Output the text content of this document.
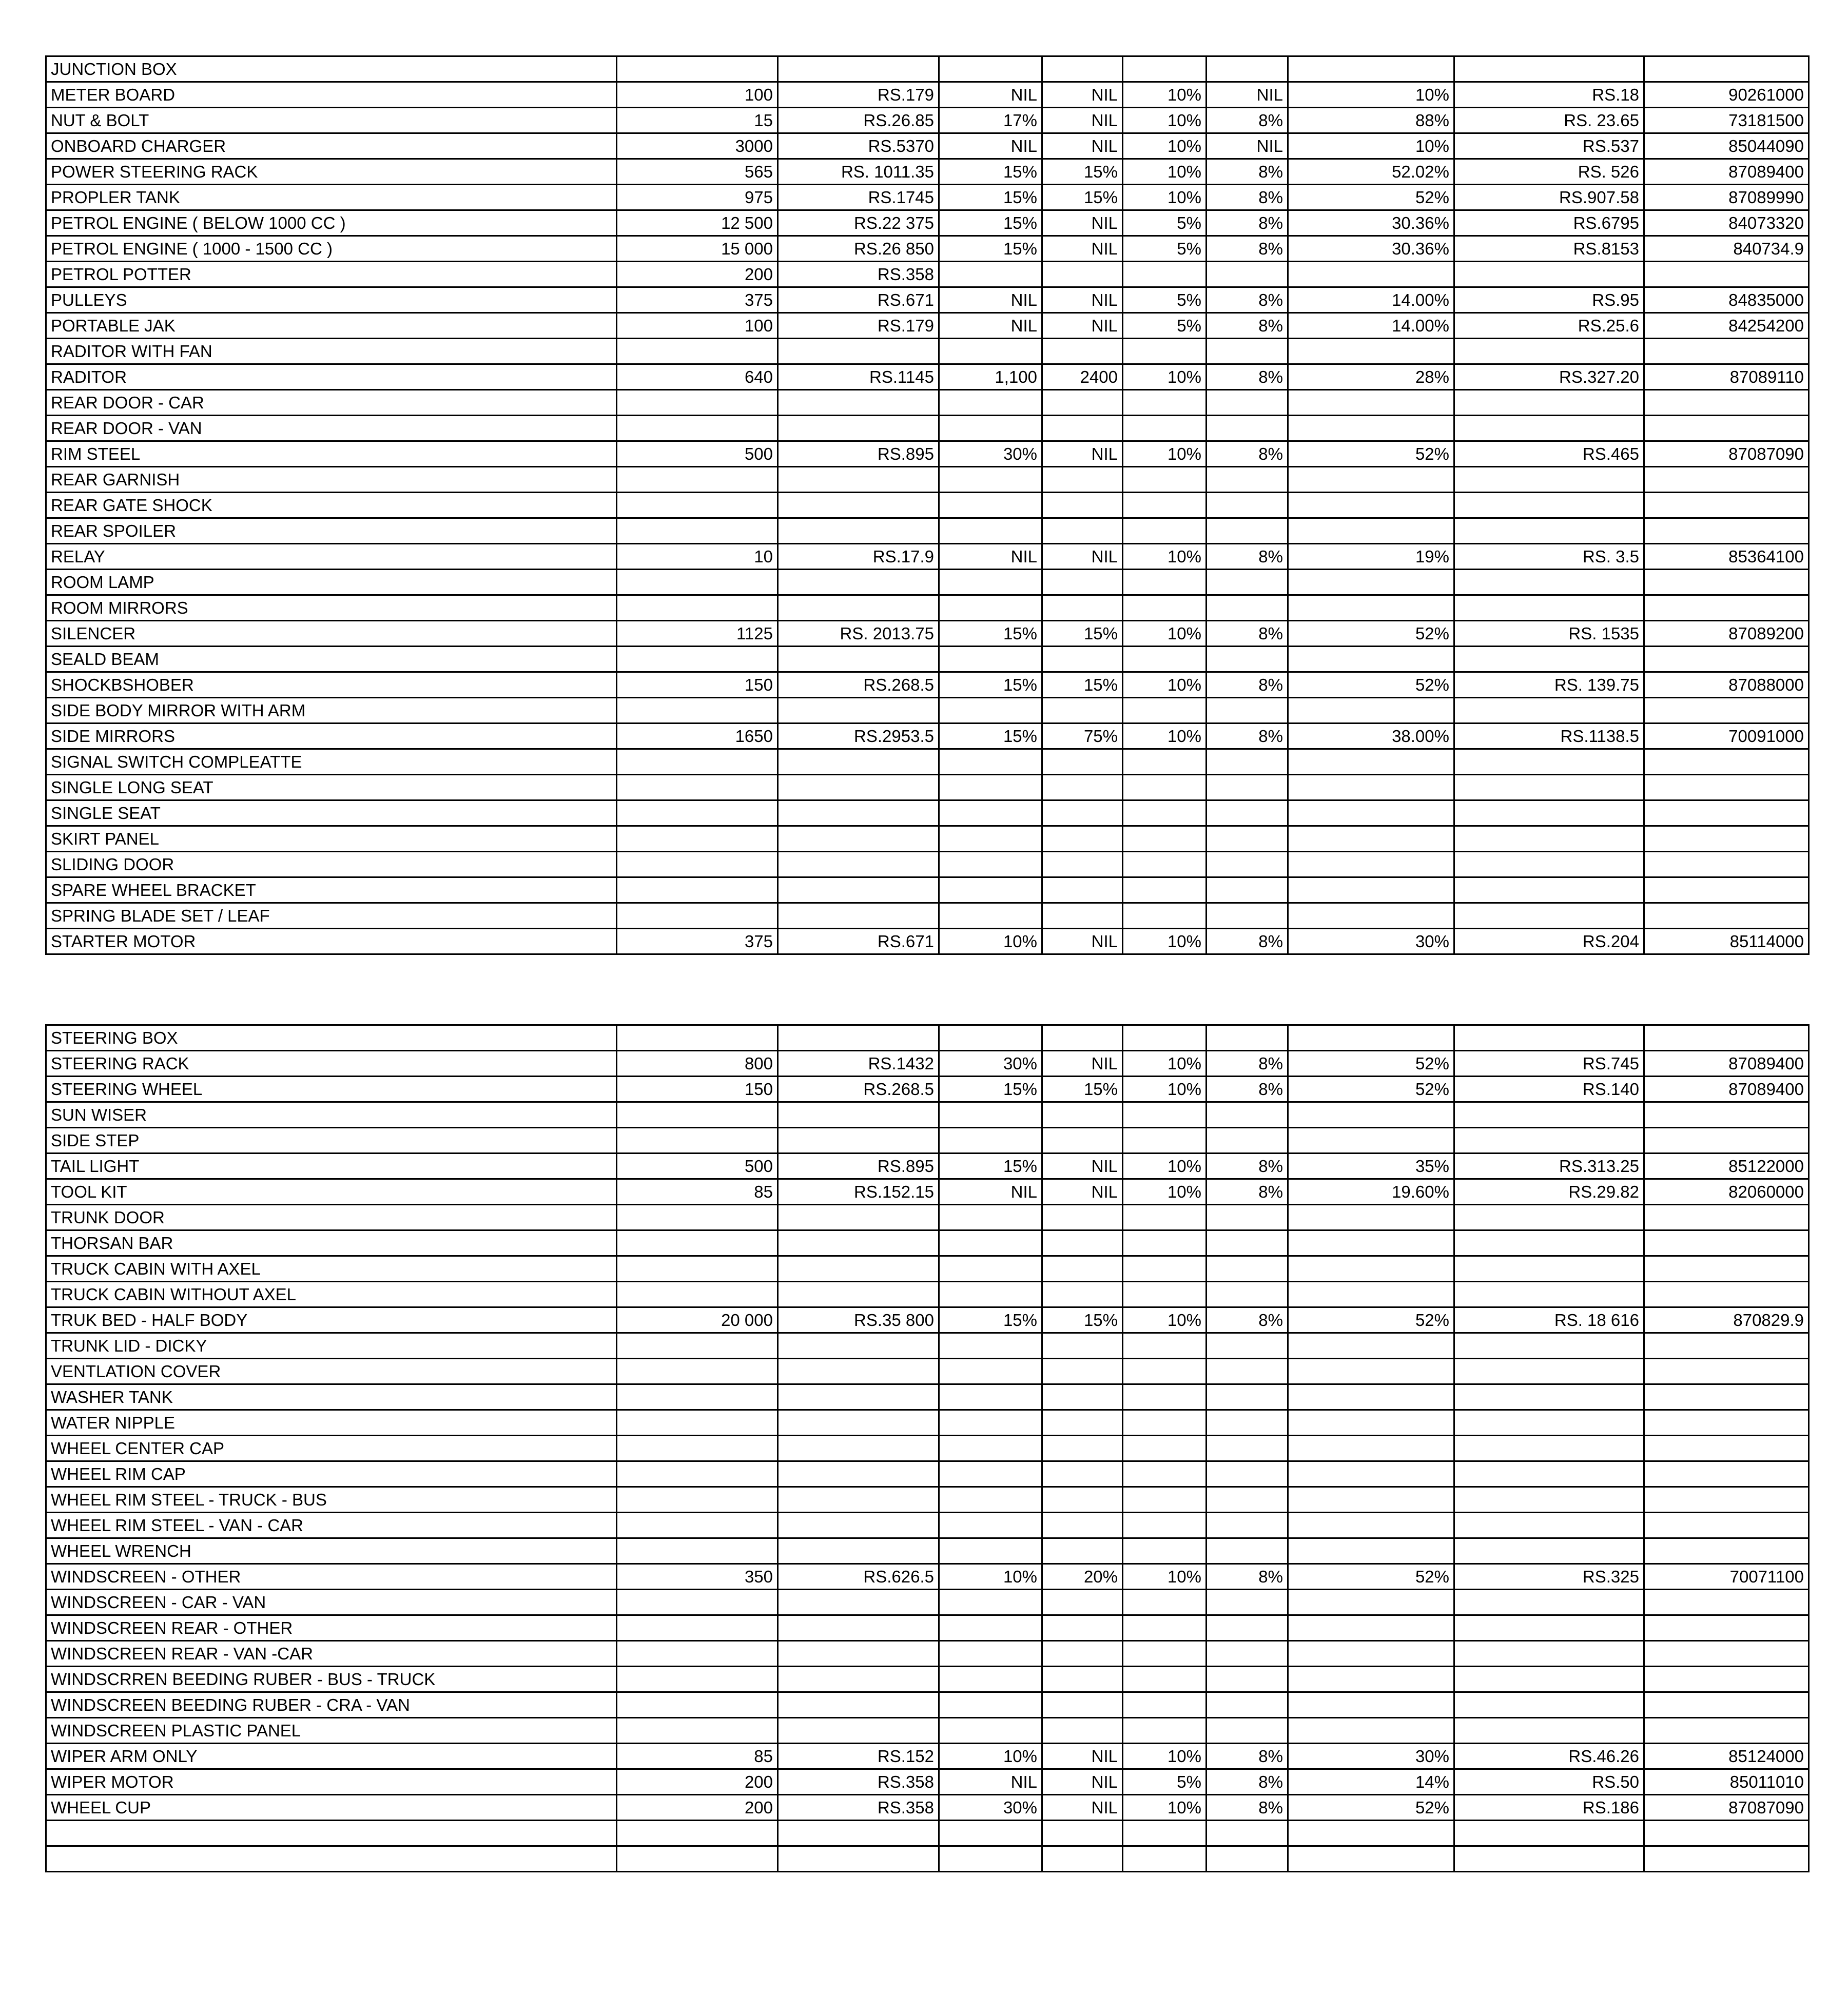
JUNCTION BOX									
METER BOARD	100	RS.179	NIL	NIL	10%	NIL	10%	RS.18	90261000
NUT & BOLT	15	RS.26.85	17%	NIL	10%	8%	88%	RS. 23.65	73181500
ONBOARD CHARGER	3000	RS.5370	NIL	NIL	10%	NIL	10%	RS.537	85044090
POWER STEERING RACK	565	RS. 1011.35	15%	15%	10%	8%	52.02%	RS. 526	87089400
PROPLER TANK	975	RS.1745	15%	15%	10%	8%	52%	RS.907.58	87089990
PETROL ENGINE ( BELOW 1000 CC )	12 500	RS.22 375	15%	NIL	5%	8%	30.36%	RS.6795	84073320
PETROL ENGINE ( 1000 - 1500 CC )	15 000	RS.26 850	15%	NIL	5%	8%	30.36%	RS.8153	840734.9
PETROL POTTER	200	RS.358							
PULLEYS	375	RS.671	NIL	NIL	5%	8%	14.00%	RS.95	84835000
PORTABLE JAK	100	RS.179	NIL	NIL	5%	8%	14.00%	RS.25.6	84254200
RADITOR WITH FAN									
RADITOR	640	RS.1145	1,100	2400	10%	8%	28%	RS.327.20	87089110
REAR DOOR - CAR									
REAR DOOR - VAN									
RIM STEEL	500	RS.895	30%	NIL	10%	8%	52%	RS.465	87087090
REAR GARNISH									
REAR GATE SHOCK									
REAR SPOILER									
RELAY	10	RS.17.9	NIL	NIL	10%	8%	19%	RS. 3.5	85364100
ROOM LAMP									
ROOM MIRRORS									
SILENCER	1125	RS. 2013.75	15%	15%	10%	8%	52%	RS. 1535	87089200
SEALD BEAM									
SHOCKBSHOBER	150	RS.268.5	15%	15%	10%	8%	52%	RS. 139.75	87088000
SIDE BODY MIRROR WITH ARM									
SIDE MIRRORS	1650	RS.2953.5	15%	75%	10%	8%	38.00%	RS.1138.5	70091000
SIGNAL SWITCH COMPLEATTE									
SINGLE LONG SEAT									
SINGLE SEAT									
SKIRT PANEL									
SLIDING DOOR									
SPARE WHEEL BRACKET									
SPRING BLADE SET / LEAF									
STARTER MOTOR	375	RS.671	10%	NIL	10%	8%	30%	RS.204	85114000
STEERING BOX									
STEERING RACK	800	RS.1432	30%	NIL	10%	8%	52%	RS.745	87089400
STEERING WHEEL	150	RS.268.5	15%	15%	10%	8%	52%	RS.140	87089400
SUN WISER									
SIDE STEP									
TAIL LIGHT	500	RS.895	15%	NIL	10%	8%	35%	RS.313.25	85122000
TOOL KIT	85	RS.152.15	NIL	NIL	10%	8%	19.60%	RS.29.82	82060000
TRUNK DOOR									
THORSAN BAR									
TRUCK CABIN WITH AXEL									
TRUCK CABIN WITHOUT AXEL									
TRUK BED - HALF BODY	20 000	RS.35 800	15%	15%	10%	8%	52%	RS. 18 616	870829.9
TRUNK LID - DICKY									
VENTLATION COVER									
WASHER TANK									
WATER NIPPLE									
WHEEL CENTER CAP									
WHEEL RIM CAP									
WHEEL RIM STEEL - TRUCK - BUS									
WHEEL RIM STEEL - VAN - CAR									
WHEEL WRENCH									
WINDSCREEN - OTHER	350	RS.626.5	10%	20%	10%	8%	52%	RS.325	70071100
WINDSCREEN - CAR - VAN									
WINDSCREEN REAR - OTHER									
WINDSCREEN REAR - VAN -CAR									
WINDSCRREN BEEDING RUBER - BUS - TRUCK									
WINDSCREEN BEEDING RUBER - CRA - VAN									
WINDSCREEN PLASTIC PANEL									
WIPER ARM ONLY	85	RS.152	10%	NIL	10%	8%	30%	RS.46.26	85124000
WIPER MOTOR	200	RS.358	NIL	NIL	5%	8%	14%	RS.50	85011010
WHEEL CUP	200	RS.358	30%	NIL	10%	8%	52%	RS.186	87087090
